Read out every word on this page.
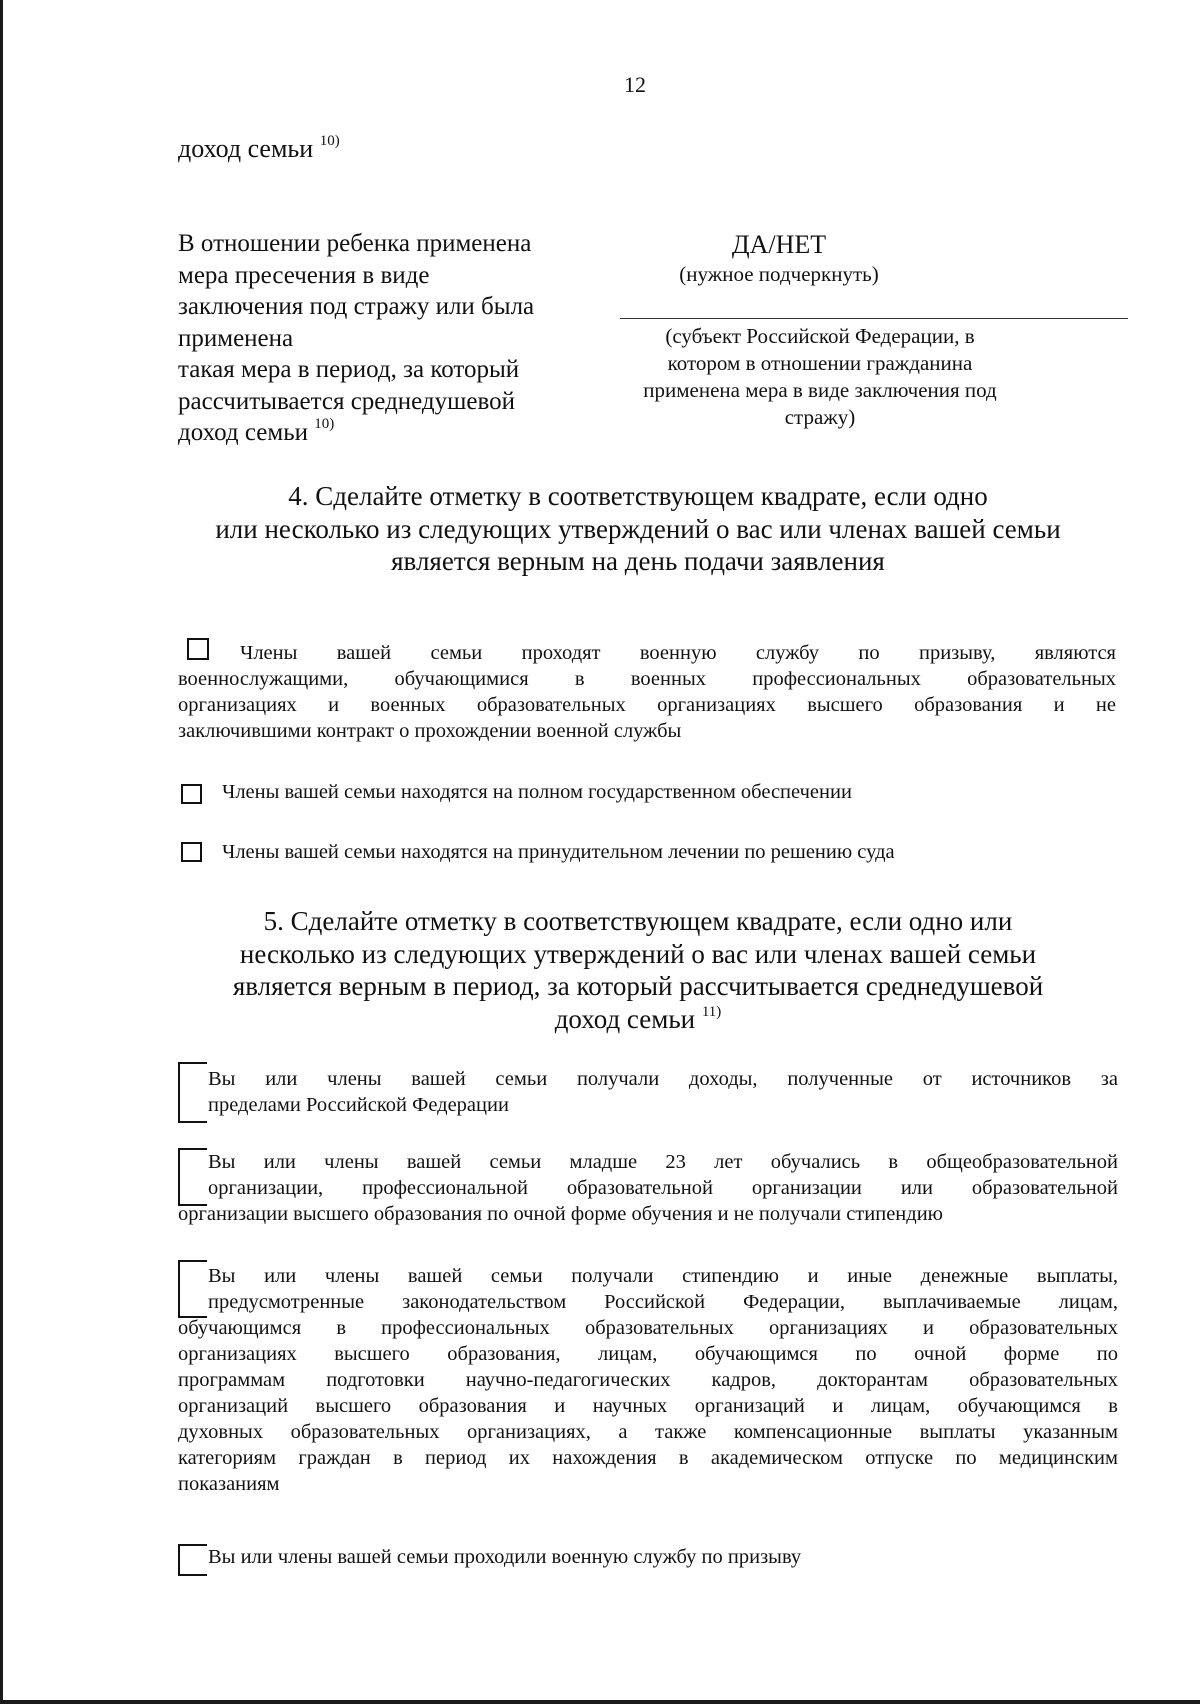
12
доход семьи $^{10)}$
В отношении ребенка применена
мера пресечения в виде
заключения под стражу или была
применена
такая мера в период, за который
рассчитывается среднедушевой
доход семьи $^{10)}$
ДА/НЕТ
(нужное подчеркнуть)
(субъект Российской Федерации, в
котором в отношении гражданина
применена мера в виде заключения под
стражу)
4. Сделайте отметку в соответствующем квадрате, если одно
или несколько из следующих утверждений о вас или членах вашей семьи
является верным на день подачи заявления
Члены вашей семьи проходят военную службу по призыву, являются
военнослужащими, обучающимися в военных профессиональных образовательных
организациях и военных образовательных организациях высшего образования и не
заключившими контракт о прохождении военной службы
Члены вашей семьи находятся на полном государственном обеспечении
Члены вашей семьи находятся на принудительном лечении по решению суда
5. Сделайте отметку в соответствующем квадрате, если одно или
несколько из следующих утверждений о вас или членах вашей семьи
является верным в период, за который рассчитывается среднедушевой
доход семьи $^{11)}$
Вы или члены вашей семьи получали доходы, полученные от источников за
пределами Российской Федерации
Вы или члены вашей семьи младше 23 лет обучались в общеобразовательной
организации, профессиональной образовательной организации или образовательной
организации высшего образования по очной форме обучения и не получали стипендию
Вы или члены вашей семьи получали стипендию и иные денежные выплаты,
предусмотренные законодательством Российской Федерации, выплачиваемые лицам,
обучающимся в профессиональных образовательных организациях и образовательных
организациях высшего образования, лицам, обучающимся по очной форме по
программам подготовки научно-педагогических кадров, докторантам образовательных
организаций высшего образования и научных организаций и лицам, обучающимся в
духовных образовательных организациях, а также компенсационные выплаты указанным
категориям граждан в период их нахождения в академическом отпуске по медицинским
показаниям
Вы или члены вашей семьи проходили военную службу по призыву
